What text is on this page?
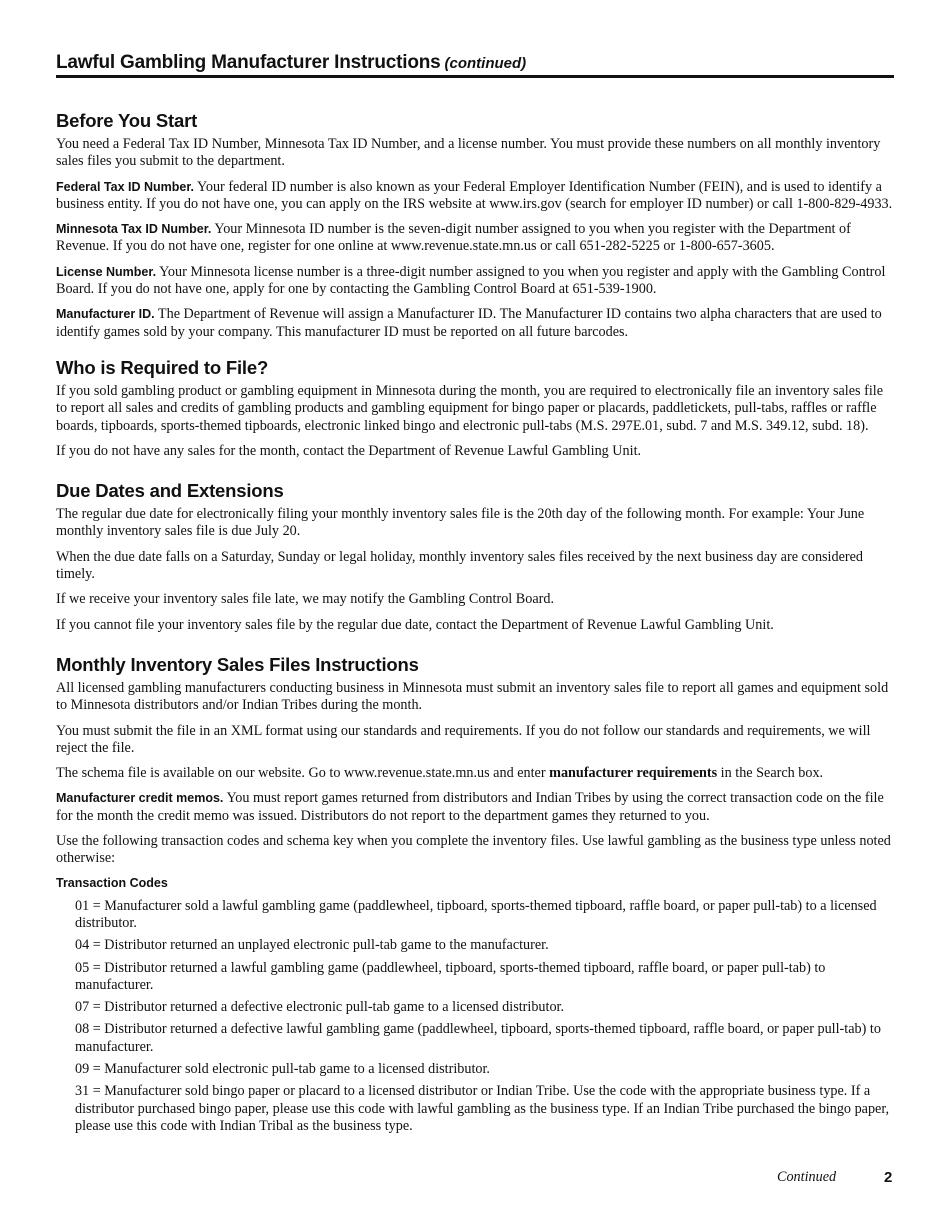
Lawful Gambling Manufacturer Instructions (continued)
Before You Start

You need a Federal Tax ID Number, Minnesota Tax ID Number, and a license number. You must provide these numbers on all monthly inventory sales files you submit to the department.

Federal Tax ID Number. Your federal ID number is also known as your Federal Employer Identification Number (FEIN), and is used to identify a business entity. If you do not have one, you can apply on the IRS website at www.irs.gov (search for employer ID number) or call 1-800-829-4933.

Minnesota Tax ID Number. Your Minnesota ID number is the seven-digit number assigned to you when you register with the Department of Revenue. If you do not have one, register for one online at www.revenue.state.mn.us or call 651-282-5225 or 1-800-657-3605.

License Number. Your Minnesota license number is a three-digit number assigned to you when you register and apply with the Gambling Control Board. If you do not have one, apply for one by contacting the Gambling Control Board at 651-539-1900.

Manufacturer ID. The Department of Revenue will assign a Manufacturer ID. The Manufacturer ID contains two alpha characters that are used to identify games sold by your company. This manufacturer ID must be reported on all future barcodes.

Who is Required to File?

If you sold gambling product or gambling equipment in Minnesota during the month, you are required to electronically file an inventory sales file to report all sales and credits of gambling products and gambling equipment for bingo paper or placards, paddletickets, pull-tabs, raffles or raffle boards, tipboards, sports-themed tipboards, electronic linked bingo and electronic pull-tabs (M.S. 297E.01, subd. 7 and M.S. 349.12, subd. 18).

If you do not have any sales for the month, contact the Department of Revenue Lawful Gambling Unit.

Due Dates and Extensions

The regular due date for electronically filing your monthly inventory sales file is the 20th day of the following month. For example: Your June monthly inventory sales file is due July 20.

When the due date falls on a Saturday, Sunday or legal holiday, monthly inventory sales files received by the next business day are considered timely.

If we receive your inventory sales file late, we may notify the Gambling Control Board.

If you cannot file your inventory sales file by the regular due date, contact the Department of Revenue Lawful Gambling Unit.

Monthly Inventory Sales Files Instructions

All licensed gambling manufacturers conducting business in Minnesota must submit an inventory sales file to report all games and equipment sold to Minnesota distributors and/or Indian Tribes during the month.

You must submit the file in an XML format using our standards and requirements. If you do not follow our standards and requirements, we will reject the file.

The schema file is available on our website. Go to www.revenue.state.mn.us and enter manufacturer requirements in the Search box.

Manufacturer credit memos. You must report games returned from distributors and Indian Tribes by using the correct transaction code on the file for the month the credit memo was issued. Distributors do not report to the department games they returned to you.

Use the following transaction codes and schema key when you complete the inventory files. Use lawful gambling as the business type unless noted otherwise:

Transaction Codes

01 = Manufacturer sold a lawful gambling game (paddlewheel, tipboard, sports-themed tipboard, raffle board, or paper pull-tab) to a licensed distributor.

04 = Distributor returned an unplayed electronic pull-tab game to the manufacturer.

05 = Distributor returned a lawful gambling game (paddlewheel, tipboard, sports-themed tipboard, raffle board, or paper pull-tab) to manufacturer.

07 = Distributor returned a defective electronic pull-tab game to a licensed distributor.

08 = Distributor returned a defective lawful gambling game (paddlewheel, tipboard, sports-themed tipboard, raffle board, or paper pull-tab) to manufacturer.

09 = Manufacturer sold electronic pull-tab game to a licensed distributor.

31 = Manufacturer sold bingo paper or placard to a licensed distributor or Indian Tribe. Use the code with the appropriate business type. If a distributor purchased bingo paper, please use this code with lawful gambling as the business type. If an Indian Tribe purchased the bingo paper, please use this code with Indian Tribal as the business type.

Continued	2
